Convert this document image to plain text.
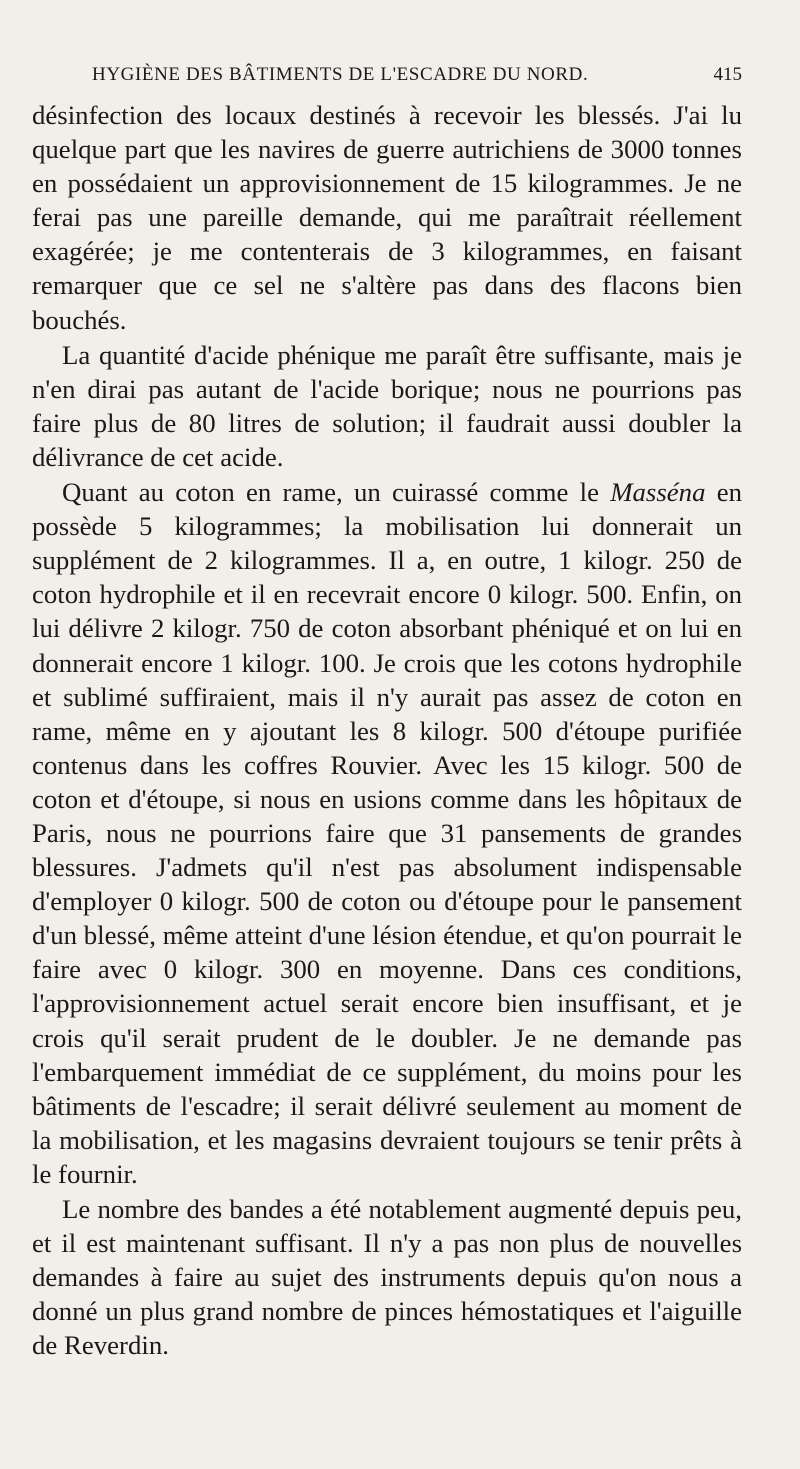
HYGIÈNE DES BÂTIMENTS DE L'ESCADRE DU NORD.	415

désinfection des locaux destinés à recevoir les blessés. J'ai lu quelque part que les navires de guerre autrichiens de 3000 tonnes en possédaient un approvisionnement de 15 kilogrammes. Je ne ferai pas une pareille demande, qui me paraîtrait réellement exagérée; je me contenterais de 3 kilogrammes, en faisant remarquer que ce sel ne s'altère pas dans des flacons bien bouchés.

La quantité d'acide phénique me paraît être suffisante, mais je n'en dirai pas autant de l'acide borique; nous ne pourrions pas faire plus de 80 litres de solution; il faudrait aussi doubler la délivrance de cet acide.

Quant au coton en rame, un cuirassé comme le Masséna en possède 5 kilogrammes; la mobilisation lui donnerait un supplément de 2 kilogrammes. Il a, en outre, 1 kilogr. 250 de coton hydrophile et il en recevrait encore 0 kilogr. 500. Enfin, on lui délivre 2 kilogr. 750 de coton absorbant phéniqué et on lui en donnerait encore 1 kilogr. 100. Je crois que les cotons hydrophile et sublimé suffiraient, mais il n'y aurait pas assez de coton en rame, même en y ajoutant les 8 kilogr. 500 d'étoupe purifiée contenus dans les coffres Rouvier. Avec les 15 kilogr. 500 de coton et d'étoupe, si nous en usions comme dans les hôpitaux de Paris, nous ne pourrions faire que 31 pansements de grandes blessures. J'admets qu'il n'est pas absolument indispensable d'employer 0 kilogr. 500 de coton ou d'étoupe pour le pansement d'un blessé, même atteint d'une lésion étendue, et qu'on pourrait le faire avec 0 kilogr. 300 en moyenne. Dans ces conditions, l'approvisionnement actuel serait encore bien insuffisant, et je crois qu'il serait prudent de le doubler. Je ne demande pas l'embarquement immédiat de ce supplément, du moins pour les bâtiments de l'escadre; il serait délivré seulement au moment de la mobilisation, et les magasins devraient toujours se tenir prêts à le fournir.

Le nombre des bandes a été notablement augmenté depuis peu, et il est maintenant suffisant. Il n'y a pas non plus de nouvelles demandes à faire au sujet des instruments depuis qu'on nous a donné un plus grand nombre de pinces hémostatiques et l'aiguille de Reverdin.
